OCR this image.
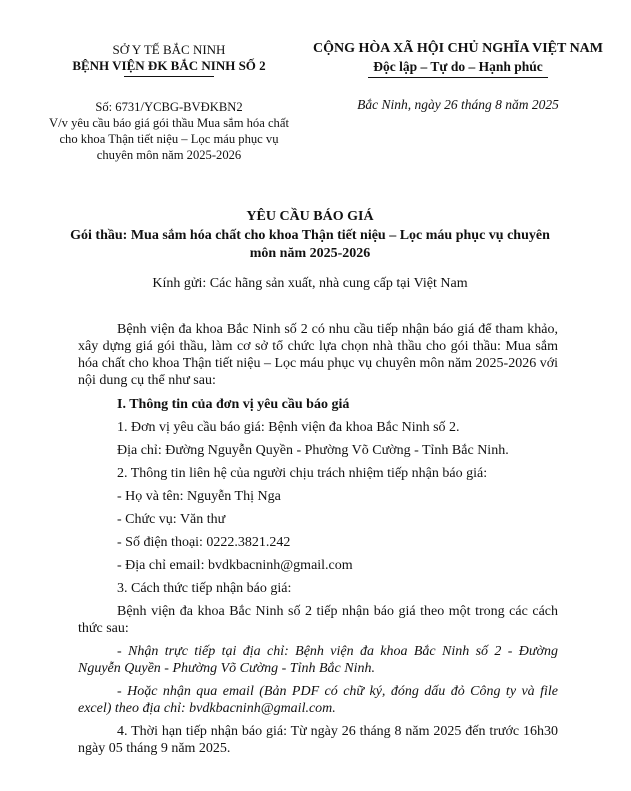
SỞ Y TẾ BẮC NINH
BỆNH VIỆN ĐK BẮC NINH SỐ 2
CỘNG HÒA XÃ HỘI CHỦ NGHĨA VIỆT NAM
Độc lập – Tự do – Hạnh phúc
Số: 6731/YCBG-BVĐKBN2
V/v yêu cầu báo giá gói thầu Mua sắm hóa chất cho khoa Thận tiết niệu – Lọc máu phục vụ chuyên môn năm 2025-2026
Bắc Ninh, ngày 26 tháng 8 năm 2025
YÊU CẦU BÁO GIÁ
Gói thầu: Mua sắm hóa chất cho khoa Thận tiết niệu – Lọc máu phục vụ chuyên môn năm 2025-2026
Kính gửi: Các hãng sản xuất, nhà cung cấp tại Việt Nam

Bệnh viện đa khoa Bắc Ninh số 2 có nhu cầu tiếp nhận báo giá để tham khảo, xây dựng giá gói thầu, làm cơ sở tổ chức lựa chọn nhà thầu cho gói thầu: Mua sắm hóa chất cho khoa Thận tiết niệu – Lọc máu phục vụ chuyên môn năm 2025-2026 với nội dung cụ thể như sau:

I. Thông tin của đơn vị yêu cầu báo giá

1. Đơn vị yêu cầu báo giá: Bệnh viện đa khoa Bắc Ninh số 2.

Địa chỉ: Đường Nguyễn Quyền - Phường Võ Cường - Tỉnh Bắc Ninh.

2. Thông tin liên hệ của người chịu trách nhiệm tiếp nhận báo giá:

- Họ và tên: Nguyễn Thị Nga

- Chức vụ: Văn thư

- Số điện thoại: 0222.3821.242

- Địa chỉ email: bvdkbacninh@gmail.com

3. Cách thức tiếp nhận báo giá:

Bệnh viện đa khoa Bắc Ninh số 2 tiếp nhận báo giá theo một trong các cách thức sau:

- Nhận trực tiếp tại địa chỉ: Bệnh viện đa khoa Bắc Ninh số 2 - Đường Nguyễn Quyền - Phường Võ Cường - Tỉnh Bắc Ninh.

- Hoặc nhận qua email (Bản PDF có chữ ký, đóng dấu đỏ Công ty và file excel) theo địa chỉ: bvdkbacninh@gmail.com.

4. Thời hạn tiếp nhận báo giá: Từ ngày 26 tháng 8 năm 2025 đến trước 16h30 ngày 05 tháng 9 năm 2025.
